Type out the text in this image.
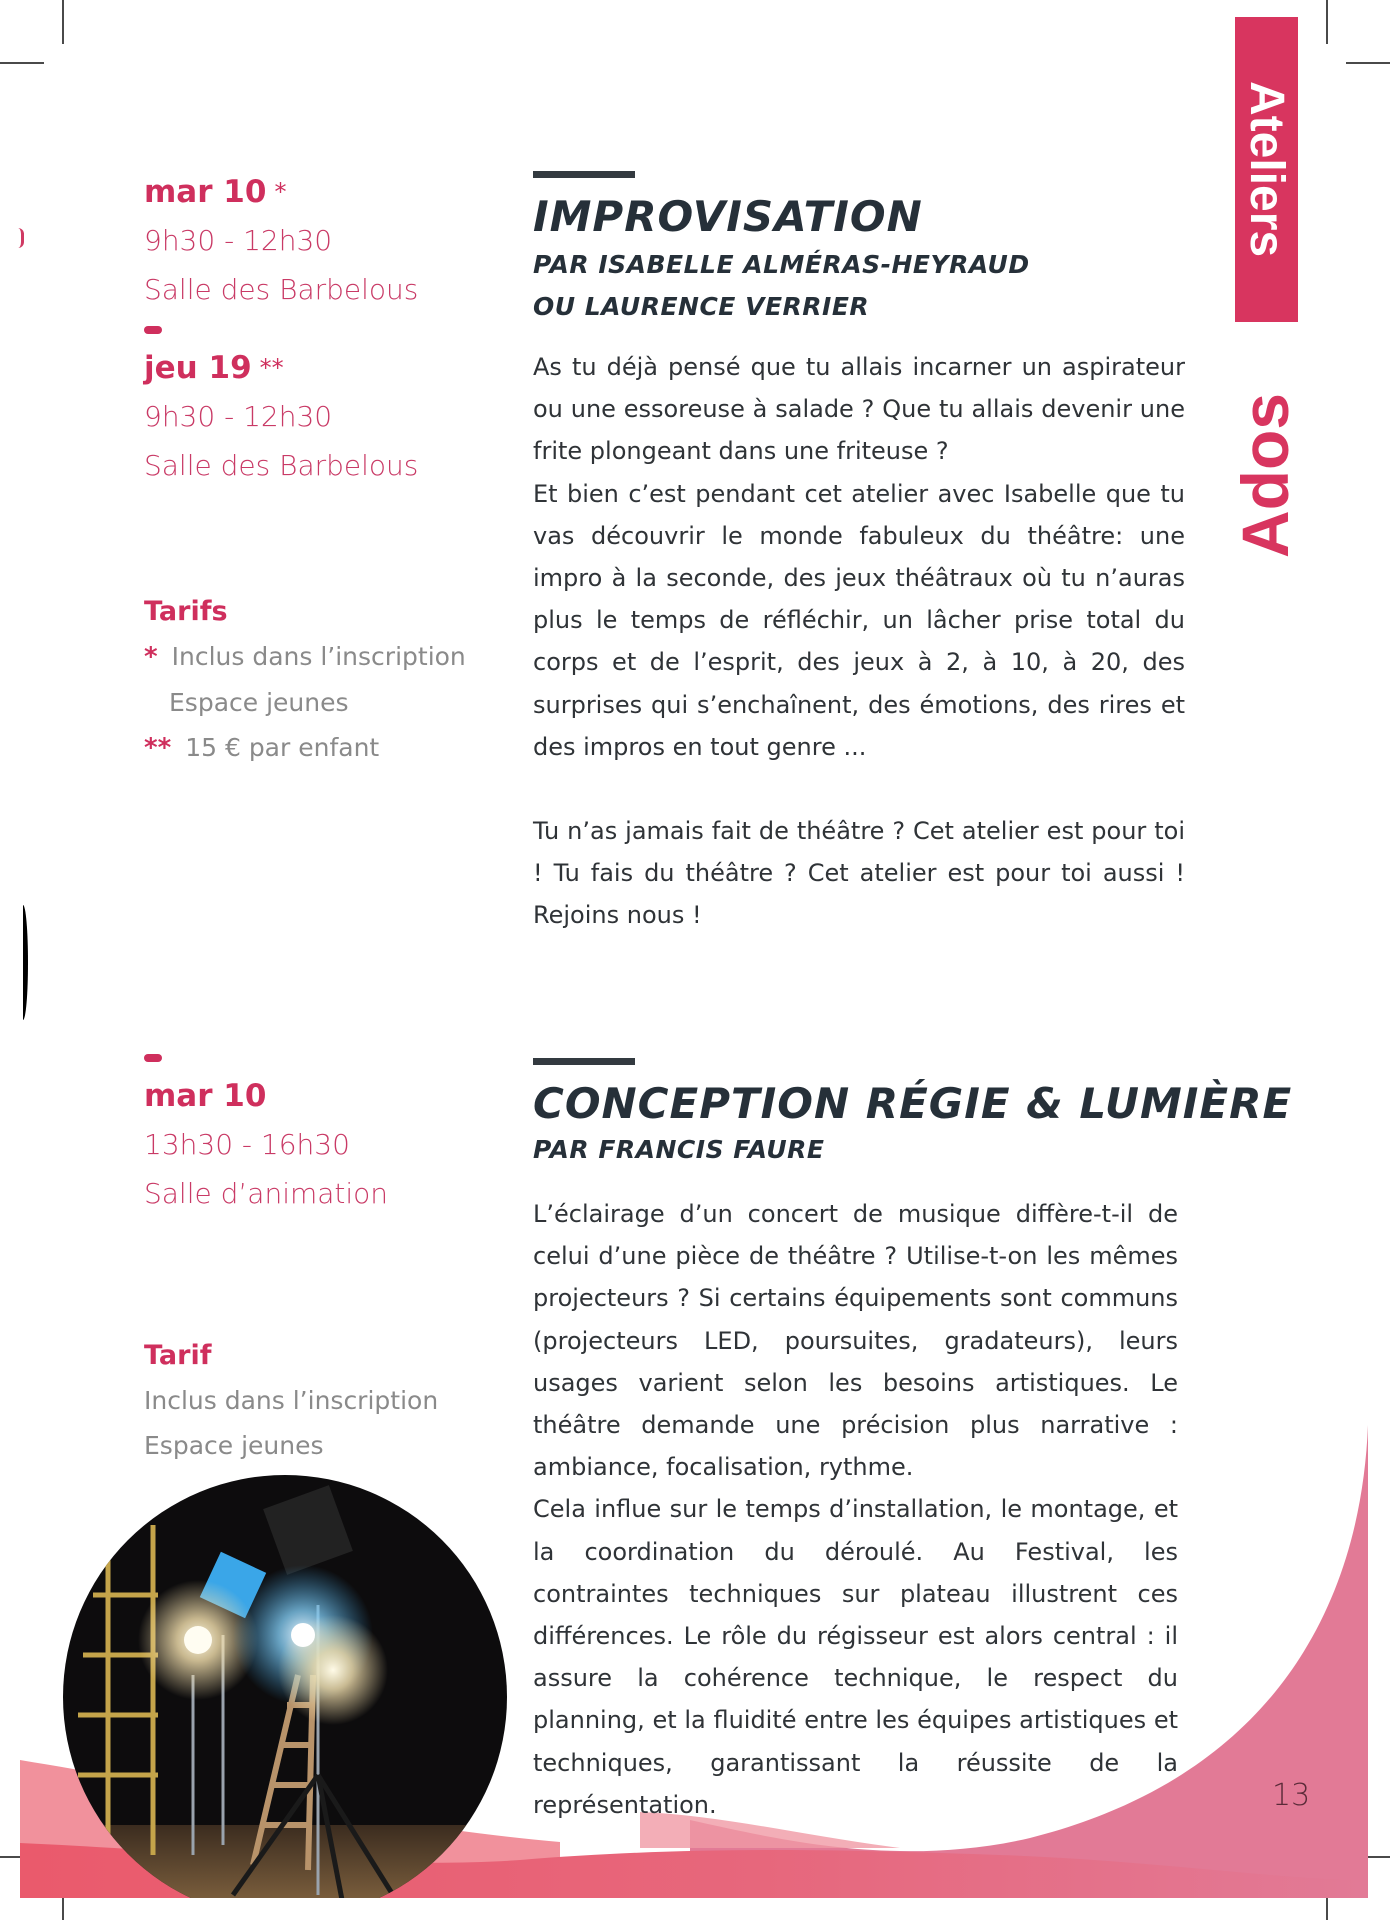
Ateliers
Ados
mar 10 *
9h30 - 12h30
Salle des Barbelous
jeu 19 **
9h30 - 12h30
Salle des Barbelous
Tarifs
* Inclus dans l’inscription
Espace jeunes
** 15 € par enfant
IMPROVISATION
PAR ISABELLE ALMÉRAS-HEYRAUD
OU LAURENCE VERRIER

As tu déjà pensé que tu allais incarner un aspirateur ou une essoreuse à salade ? Que tu allais devenir une frite plongeant dans une friteuse ?

Et bien c’est pendant cet atelier avec Isabelle que tu vas découvrir le monde fabuleux du théâtre: une impro à la seconde, des jeux théâtraux où tu n’auras plus le temps de réfléchir, un lâcher prise total du corps et de l’esprit, des jeux à 2, à 10, à 20, des surprises qui s’enchaînent, des émotions, des rires et des impros en tout genre ...

Tu n’as jamais fait de théâtre ? Cet atelier est pour toi ! Tu fais du théâtre ? Cet atelier est pour toi aussi ! Rejoins nous !

mar 10
13h30 - 16h30
Salle d’animation
Tarif
Inclus dans l’inscription
Espace jeunes
CONCEPTION RÉGIE & LUMIÈRE
PAR FRANCIS FAURE

L’éclairage d’un concert de musique diffère-t-il de celui d’une pièce de théâtre ? Utilise-t-on les mêmes projecteurs ? Si certains équipements sont communs (projecteurs LED, poursuites, gradateurs), leurs usages varient selon les besoins artistiques. Le théâtre demande une précision plus narrative : ambiance, focalisation, rythme.

Cela influe sur le temps d’installation, le montage, et la coordination du déroulé. Au Festival, les contraintes techniques sur plateau illustrent ces différences. Le rôle du régisseur est alors central : il assure la cohérence technique, le respect du planning, et la fluidité entre les équipes artistiques et techniques, garantissant la réussite de la représentation.	13
